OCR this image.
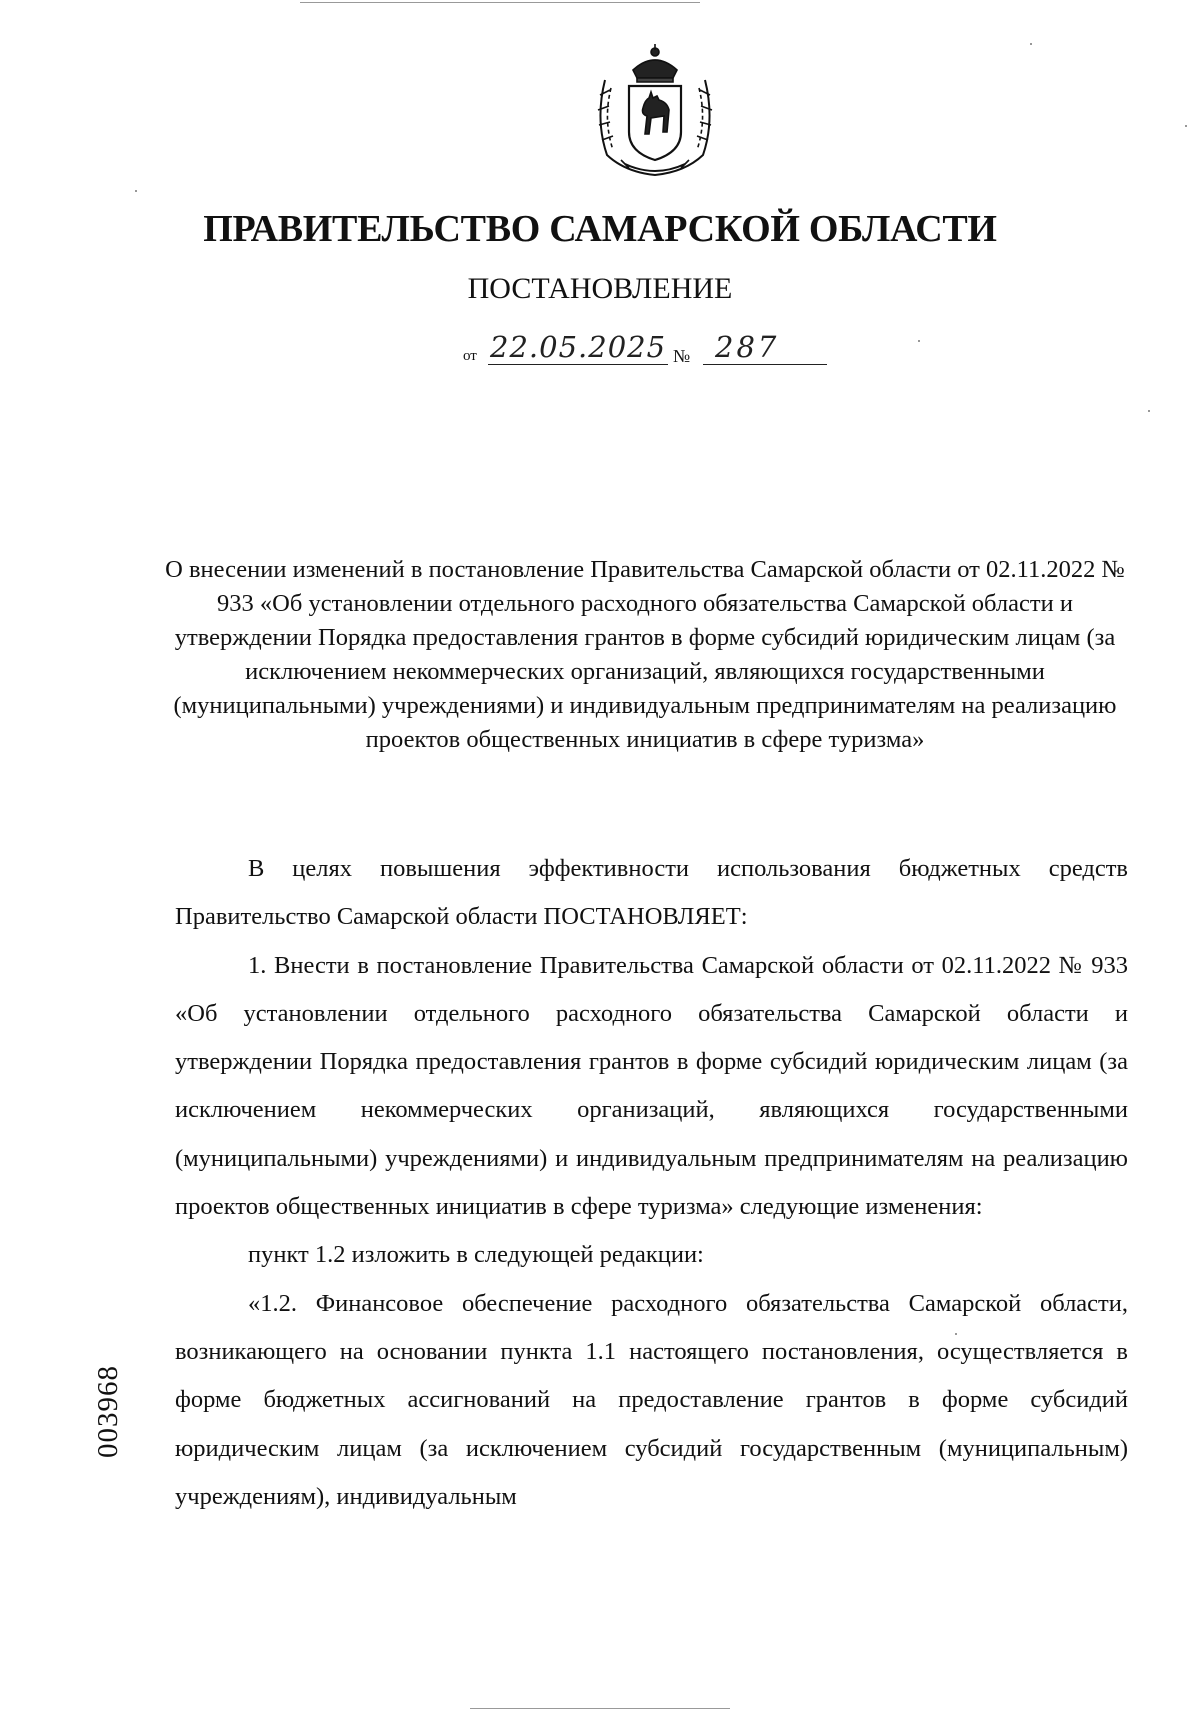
ПРАВИТЕЛЬСТВО САМАРСКОЙ ОБЛАСТИ
ПОСТАНОВЛЕНИЕ
от 22.05.2025 № 287
О внесении изменений в постановление Правительства Самарской области от 02.11.2022 № 933 «Об установлении отдельного расходного обязательства Самарской области и утверждении Порядка предоставления грантов в форме субсидий юридическим лицам (за исключением некоммерческих организаций, являющихся государственными (муниципальными) учреждениями) и индивидуальным предпринимателям на реализацию проектов общественных инициатив в сфере туризма»

В целях повышения эффективности использования бюджетных средств Правительство Самарской области ПОСТАНОВЛЯЕТ:

1. Внести в постановление Правительства Самарской области от 02.11.2022 № 933 «Об установлении отдельного расходного обязательства Самарской области и утверждении Порядка предоставления грантов в форме субсидий юридическим лицам (за исключением некоммерческих организаций, являющихся государственными (муниципальными) учреждениями) и индивидуальным предпринимателям на реализацию проектов общественных инициатив в сфере туризма» следующие изменения:

пункт 1.2 изложить в следующей редакции:

«1.2. Финансовое обеспечение расходного обязательства Самарской области, возникающего на основании пункта 1.1 настоящего постановления, осуществляется в форме бюджетных ассигнований на предоставление грантов в форме субсидий юридическим лицам (за исключением субсидий государственным (муниципальным) учреждениям), индивидуальным

003968
